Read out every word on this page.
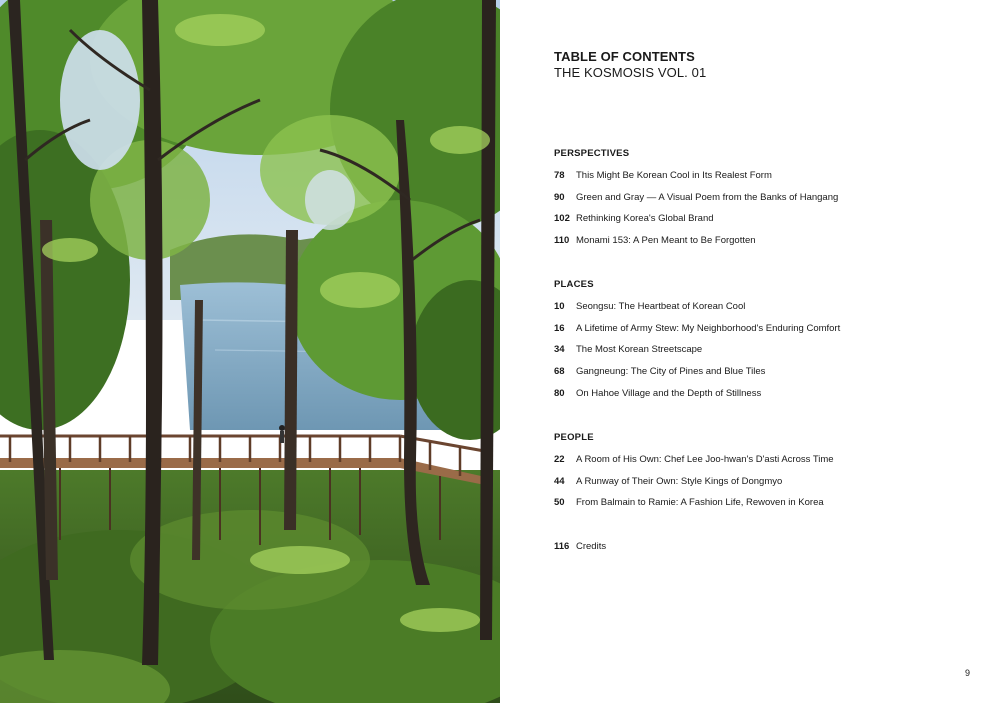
TABLE OF CONTENTS
THE KOSMOSIS VOL. 01
PERSPECTIVES
78	This Might Be Korean Cool in Its Realest Form
90	Green and Gray — A Visual Poem from the Banks of Hangang
102 Rethinking Korea's Global Brand
110 Monami 153: A Pen Meant to Be Forgotten
PLACES
10	Seongsu: The Heartbeat of Korean Cool
16	A Lifetime of Army Stew: My Neighborhood's Enduring Comfort
34	The Most Korean Streetscape
68	Gangneung: The City of Pines and Blue Tiles
80	On Hahoe Village and the Depth of Stillness
PEOPLE
22	A Room of His Own: Chef Lee Joo-hwan's D'asti Across Time
44	A Runway of Their Own: Style Kings of Dongmyo
50	From Balmain to Ramie: A Fashion Life, Rewoven in Korea
116 Credits
9
